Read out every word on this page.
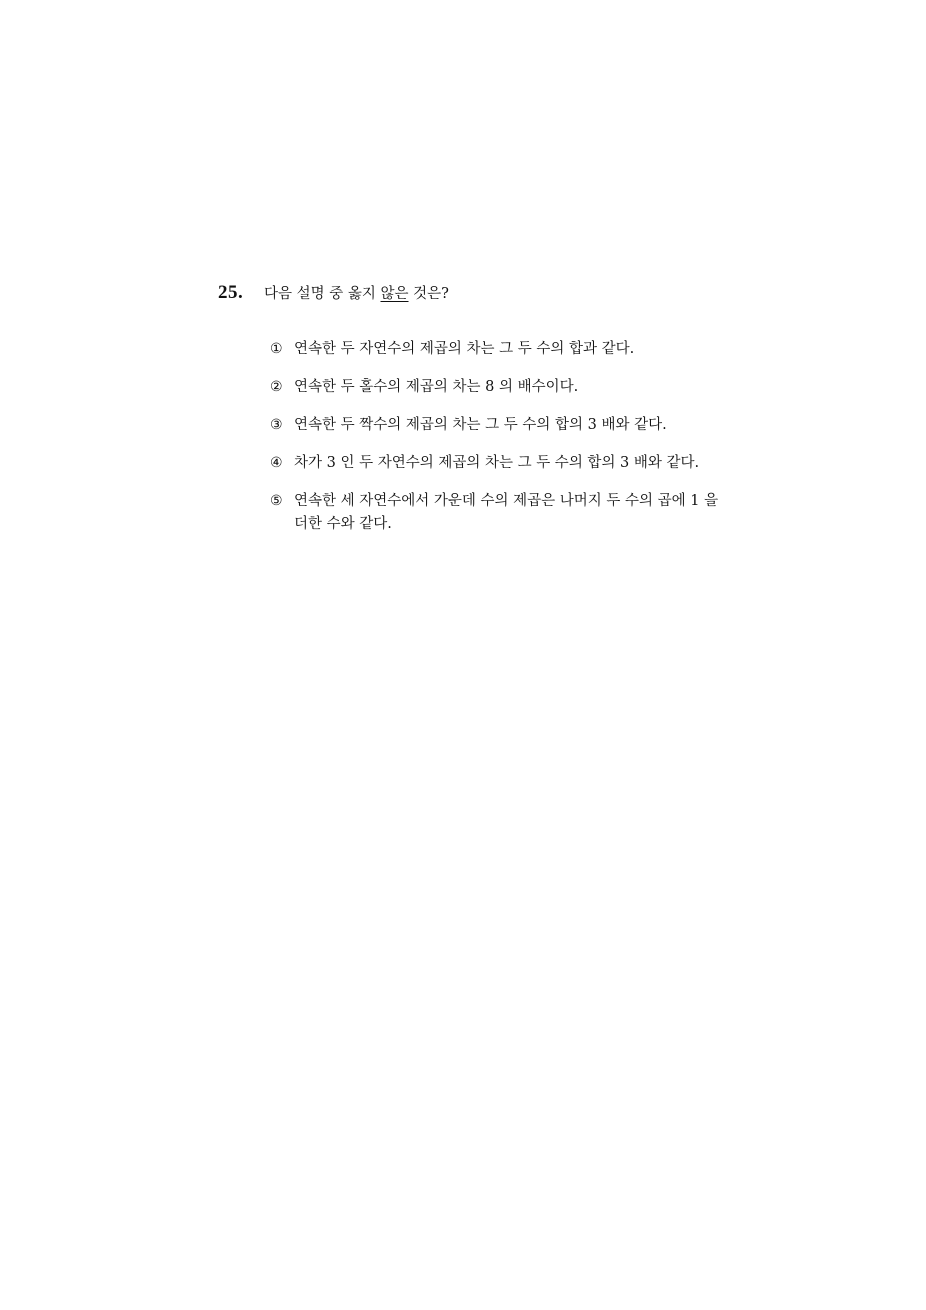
25.	다음 설명 중 옳지 않은 것은?
① 연속한 두 자연수의 제곱의 차는 그 두 수의 합과 같다.
② 연속한 두 홀수의 제곱의 차는 8 의 배수이다.
③ 연속한 두 짝수의 제곱의 차는 그 두 수의 합의 3 배와 같다.
④ 차가 3 인 두 자연수의 제곱의 차는 그 두 수의 합의 3 배와 같다.
⑤ 연속한 세 자연수에서 가운데 수의 제곱은 나머지 두 수의 곱에 1 을 더한 수와 같다.
